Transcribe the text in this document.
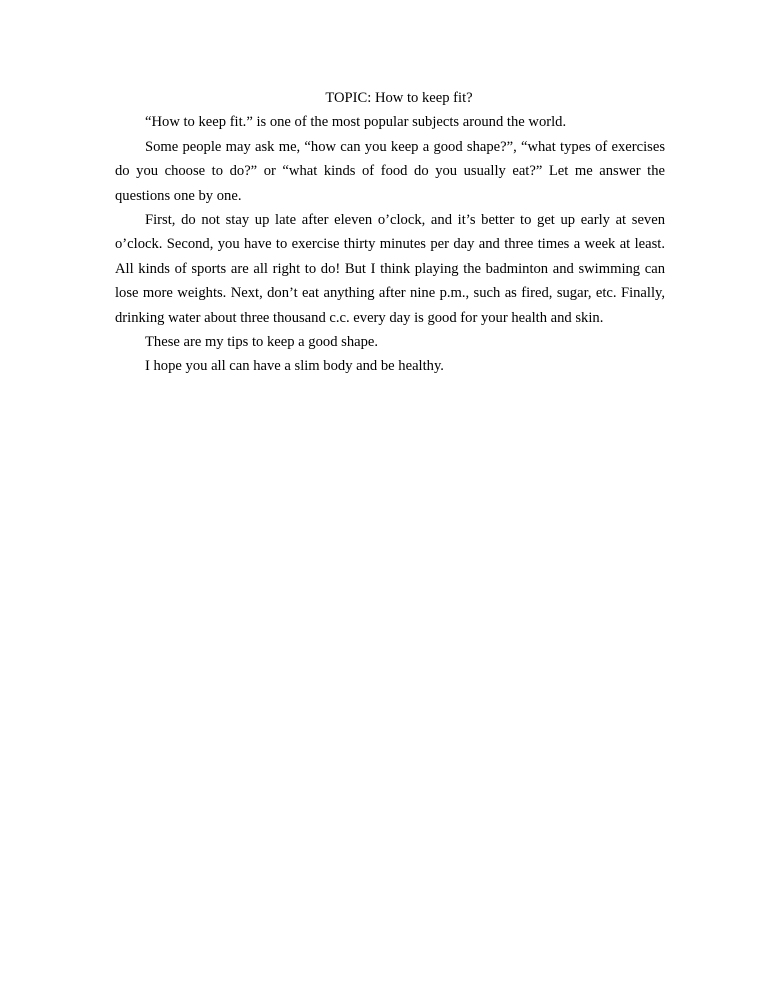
TOPIC: How to keep fit?

“How to keep fit.” is one of the most popular subjects around the world.

Some people may ask me, “how can you keep a good shape?”, “what types of exercises do you choose to do?” or “what kinds of food do you usually eat?” Let me answer the questions one by one.

First, do not stay up late after eleven o’clock, and it’s better to get up early at seven o’clock. Second, you have to exercise thirty minutes per day and three times a week at least. All kinds of sports are all right to do! But I think playing the badminton and swimming can lose more weights. Next, don’t eat anything after nine p.m., such as fired, sugar, etc. Finally, drinking water about three thousand c.c. every day is good for your health and skin.

These are my tips to keep a good shape.

I hope you all can have a slim body and be healthy.
